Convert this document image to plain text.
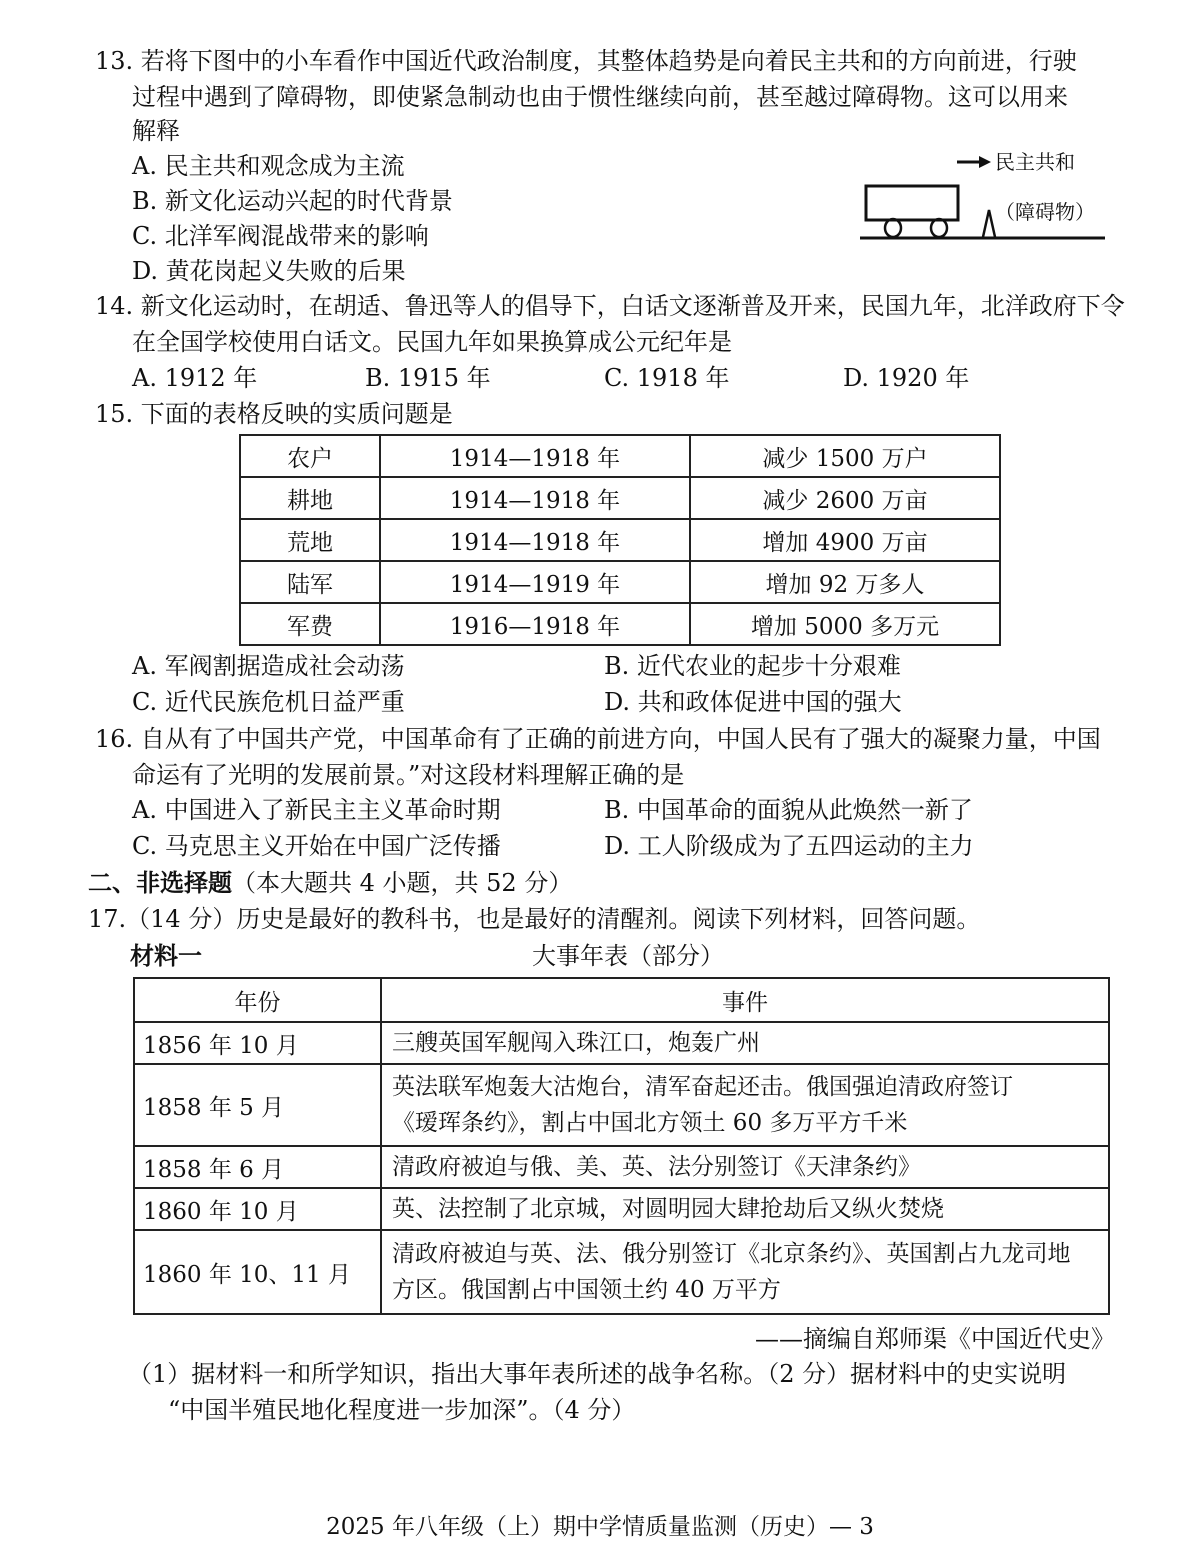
13. 若将下图中的小车看作中国近代政治制度，其整体趋势是向着民主共和的方向前进，行驶
过程中遇到了障碍物，即使紧急制动也由于惯性继续向前，甚至越过障碍物。这可以用来
解释
A. 民主共和观念成为主流
B. 新文化运动兴起的时代背景
C. 北洋军阀混战带来的影响
D. 黄花岗起义失败的后果
民主共和
（障碍物）
14. 新文化运动时，在胡适、鲁迅等人的倡导下，白话文逐渐普及开来，民国九年，北洋政府下令
在全国学校使用白话文。民国九年如果换算成公元纪年是
A. 1912 年	B. 1915 年	C. 1918 年	D. 1920 年
15. 下面的表格反映的实质问题是
农户	1914—1918 年	减少 1500 万户
耕地	1914—1918 年	减少 2600 万亩
荒地	1914—1918 年	增加 4900 万亩
陆军	1914—1919 年	增加 92 万多人
军费	1916—1918 年	增加 5000 多万元
A. 军阀割据造成社会动荡	B. 近代农业的起步十分艰难
C. 近代民族危机日益严重	D. 共和政体促进中国的强大
16. 自从有了中国共产党，中国革命有了正确的前进方向，中国人民有了强大的凝聚力量，中国
命运有了光明的发展前景。”对这段材料理解正确的是
A. 中国进入了新民主主义革命时期	B. 中国革命的面貌从此焕然一新了
C. 马克思主义开始在中国广泛传播	D. 工人阶级成为了五四运动的主力
二、非选择题（本大题共 4 小题，共 52 分）
17.（14 分）历史是最好的教科书，也是最好的清醒剂。阅读下列材料，回答问题。
材料一	大事年表（部分）
年份	事件
1856 年 10 月	三艘英国军舰闯入珠江口，炮轰广州
1858 年 5 月	英法联军炮轰大沽炮台，清军奋起还击。俄国强迫清政府签订
《瑷珲条约》，割占中国北方领土 60 多万平方千米

1858 年 6 月	清政府被迫与俄、美、英、法分别签订《天津条约》
1860 年 10 月	英、法控制了北京城，对圆明园大肆抢劫后又纵火焚烧
1860 年 10、11 月	清政府被迫与英、法、俄分别签订《北京条约》、英国割占九龙司地
方区。俄国割占中国领土约 40 万平方
——摘编自郑师渠《中国近代史》
（1）据材料一和所学知识，指出大事年表所述的战争名称。（2 分）据材料中的史实说明
“中国半殖民地化程度进一步加深”。（4 分）
2025 年八年级（上）期中学情质量监测（历史）— 3
